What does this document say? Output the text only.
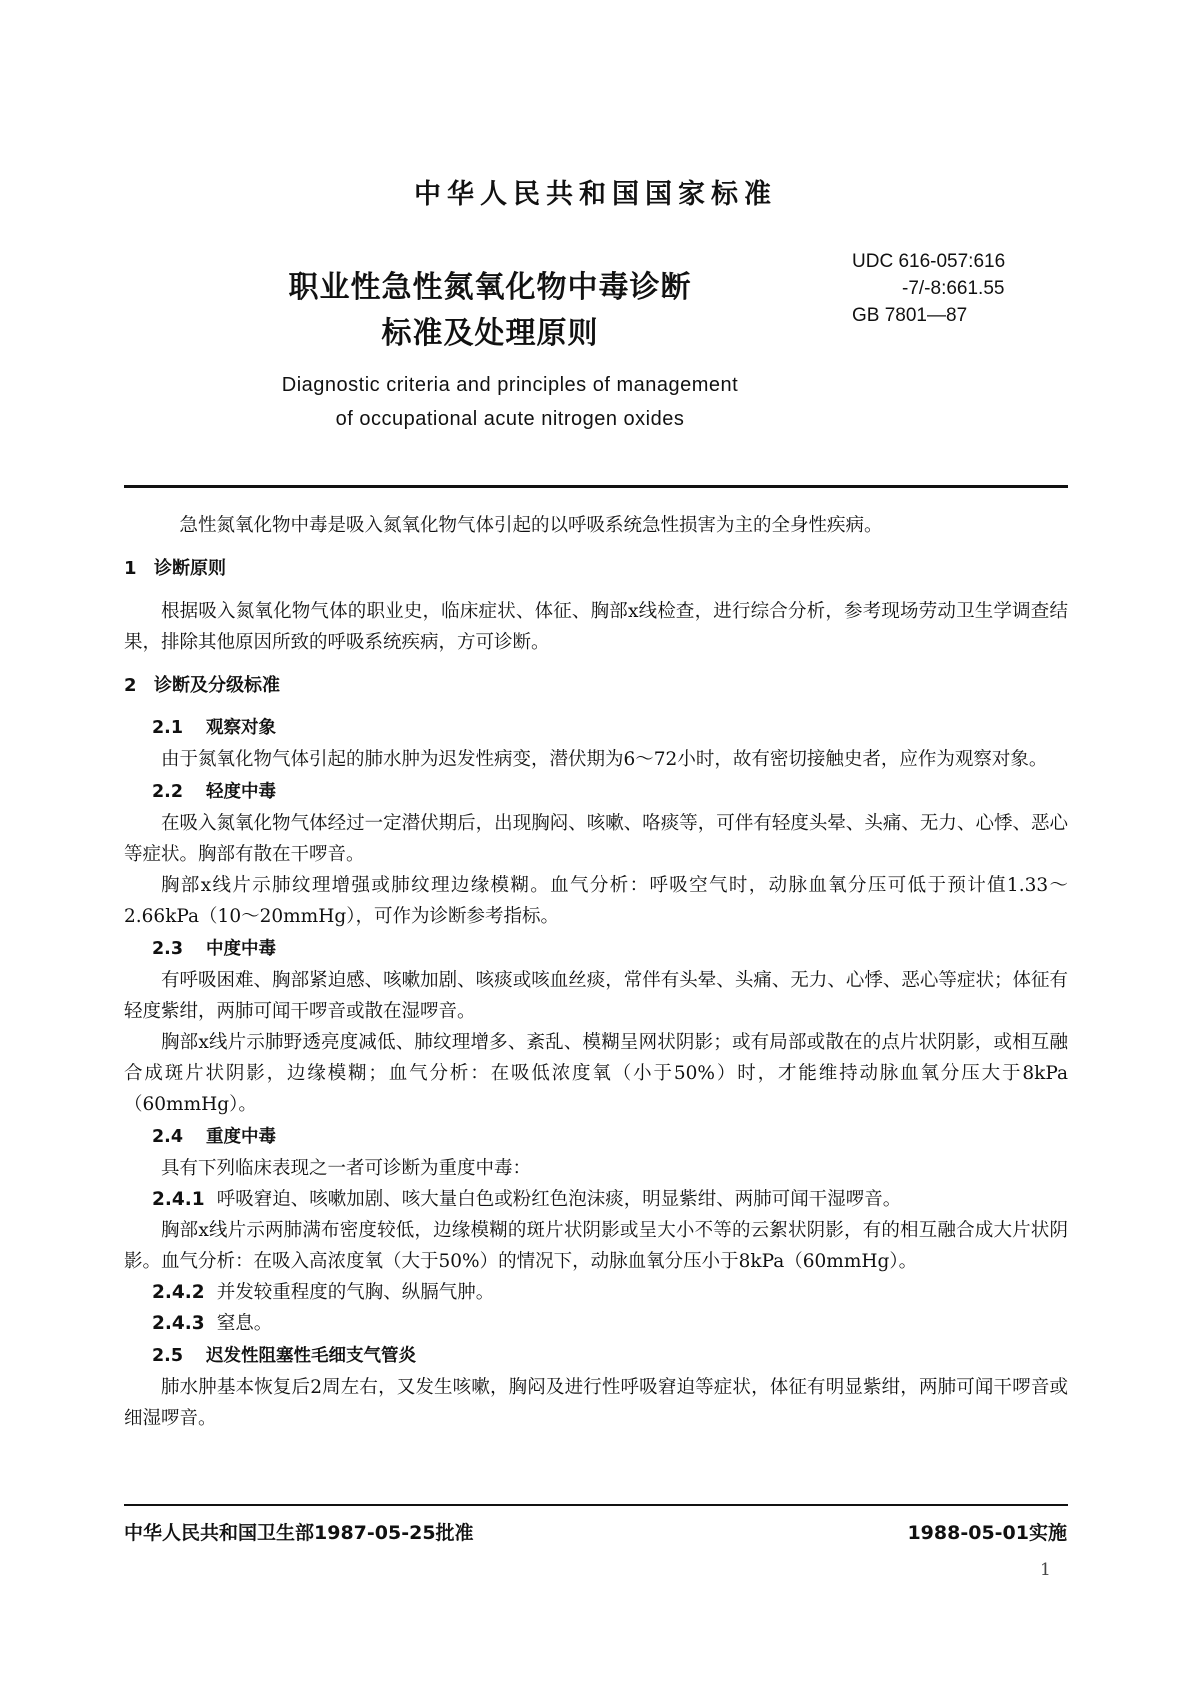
中华人民共和国国家标准
职业性急性氮氧化物中毒诊断
标准及处理原则
UDC 616-057:616
-7/-8:661.55
GB 7801—87
Diagnostic criteria and principles of management
of occupational acute nitrogen oxides

急性氮氧化物中毒是吸入氮氧化物气体引起的以呼吸系统急性损害为主的全身性疾病。

1 诊断原则

根据吸入氮氧化物气体的职业史，临床症状、体征、胸部x线检查，进行综合分析，参考现场劳动卫生学调查结果，排除其他原因所致的呼吸系统疾病，方可诊断。

2 诊断及分级标准
2.1 观察对象

由于氮氧化物气体引起的肺水肿为迟发性病变，潜伏期为6～72小时，故有密切接触史者，应作为观察对象。

2.2 轻度中毒

在吸入氮氧化物气体经过一定潜伏期后，出现胸闷、咳嗽、咯痰等，可伴有轻度头晕、头痛、无力、心悸、恶心等症状。胸部有散在干啰音。

胸部x线片示肺纹理增强或肺纹理边缘模糊。血气分析：呼吸空气时，动脉血氧分压可低于预计值1.33～2.66kPa（10～20mmHg），可作为诊断参考指标。

2.3 中度中毒

有呼吸困难、胸部紧迫感、咳嗽加剧、咳痰或咳血丝痰，常伴有头晕、头痛、无力、心悸、恶心等症状；体征有轻度紫绀，两肺可闻干啰音或散在湿啰音。

胸部x线片示肺野透亮度减低、肺纹理增多、紊乱、模糊呈网状阴影；或有局部或散在的点片状阴影，或相互融合成斑片状阴影，边缘模糊；血气分析：在吸低浓度氧（小于50%）时，才能维持动脉血氧分压大于8kPa（60mmHg）。

2.4 重度中毒

具有下列临床表现之一者可诊断为重度中毒：

2.4.1 呼吸窘迫、咳嗽加剧、咳大量白色或粉红色泡沫痰，明显紫绀、两肺可闻干湿啰音。

胸部x线片示两肺满布密度较低，边缘模糊的斑片状阴影或呈大小不等的云絮状阴影，有的相互融合成大片状阴影。血气分析：在吸入高浓度氧（大于50%）的情况下，动脉血氧分压小于8kPa（60mmHg）。

2.4.2 并发较重程度的气胸、纵膈气肿。
2.4.3 窒息。
2.5 迟发性阻塞性毛细支气管炎

肺水肿基本恢复后2周左右，又发生咳嗽，胸闷及进行性呼吸窘迫等症状，体征有明显紫绀，两肺可闻干啰音或细湿啰音。

中华人民共和国卫生部1987-05-25批准	1988-05-01实施
1
